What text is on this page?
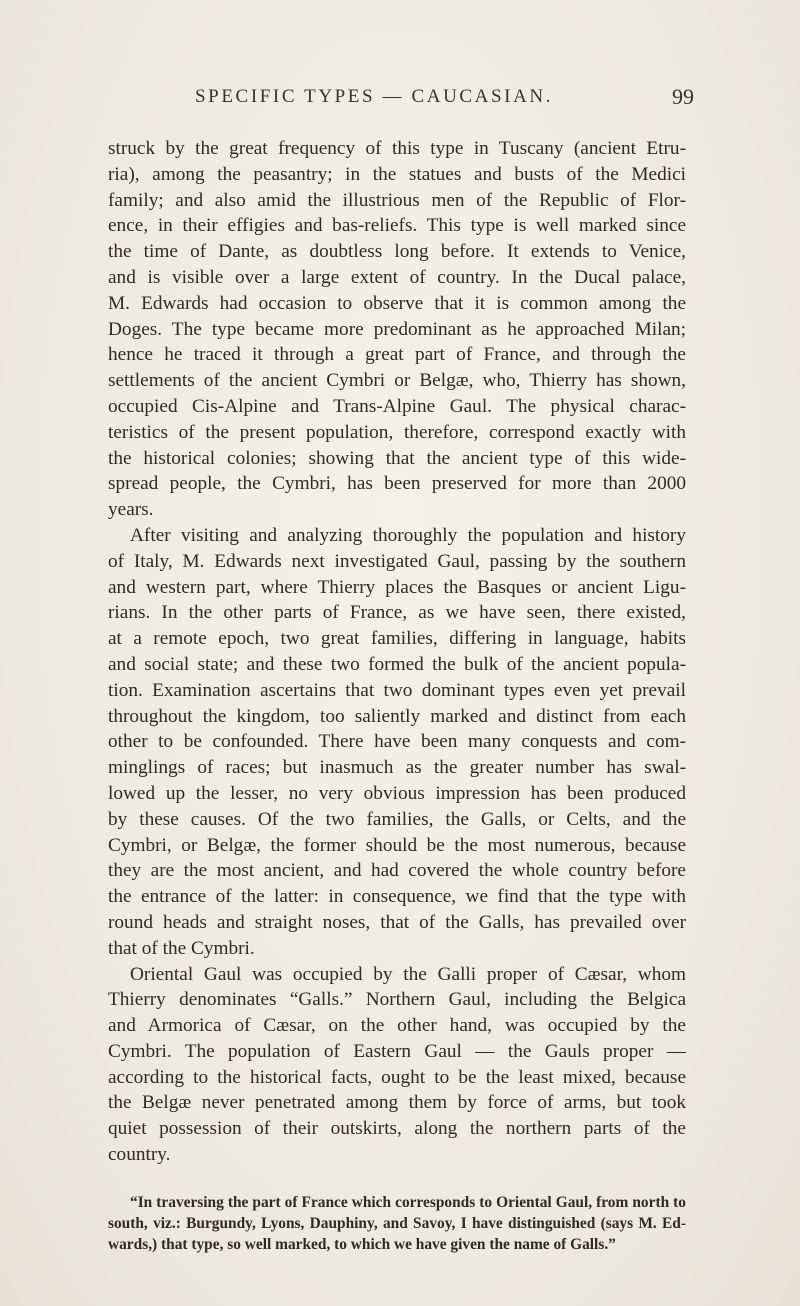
SPECIFIC TYPES — CAUCASIAN.	99
struck by the great frequency of this type in Tuscany (ancient Etru-
ria), among the peasantry; in the statues and busts of the Medici
family; and also amid the illustrious men of the Republic of Flor-
ence, in their effigies and bas-reliefs. This type is well marked since
the time of Dante, as doubtless long before. It extends to Venice,
and is visible over a large extent of country. In the Ducal palace,
M. Edwards had occasion to observe that it is common among the
Doges. The type became more predominant as he approached Milan;
hence he traced it through a great part of France, and through the
settlements of the ancient Cymbri or Belgæ, who, Thierry has shown,
occupied Cis-Alpine and Trans-Alpine Gaul. The physical charac-
teristics of the present population, therefore, correspond exactly with
the historical colonies; showing that the ancient type of this wide-
spread people, the Cymbri, has been preserved for more than 2000
years.
After visiting and analyzing thoroughly the population and history
of Italy, M. Edwards next investigated Gaul, passing by the southern
and western part, where Thierry places the Basques or ancient Ligu-
rians. In the other parts of France, as we have seen, there existed,
at a remote epoch, two great families, differing in language, habits
and social state; and these two formed the bulk of the ancient popula-
tion. Examination ascertains that two dominant types even yet prevail
throughout the kingdom, too saliently marked and distinct from each
other to be confounded. There have been many conquests and com-
minglings of races; but inasmuch as the greater number has swal-
lowed up the lesser, no very obvious impression has been produced
by these causes. Of the two families, the Galls, or Celts, and the
Cymbri, or Belgæ, the former should be the most numerous, because
they are the most ancient, and had covered the whole country before
the entrance of the latter: in consequence, we find that the type with
round heads and straight noses, that of the Galls, has prevailed over
that of the Cymbri.
Oriental Gaul was occupied by the Galli proper of Cæsar, whom
Thierry denominates “Galls.” Northern Gaul, including the Belgica
and Armorica of Cæsar, on the other hand, was occupied by the
Cymbri. The population of Eastern Gaul — the Gauls proper —
according to the historical facts, ought to be the least mixed, because
the Belgæ never penetrated among them by force of arms, but took
quiet possession of their outskirts, along the northern parts of the
country.
“In traversing the part of France which corresponds to Oriental Gaul, from north to
south, viz.: Burgundy, Lyons, Dauphiny, and Savoy, I have distinguished (says M. Ed-
wards,) that type, so well marked, to which we have given the name of Galls.”
